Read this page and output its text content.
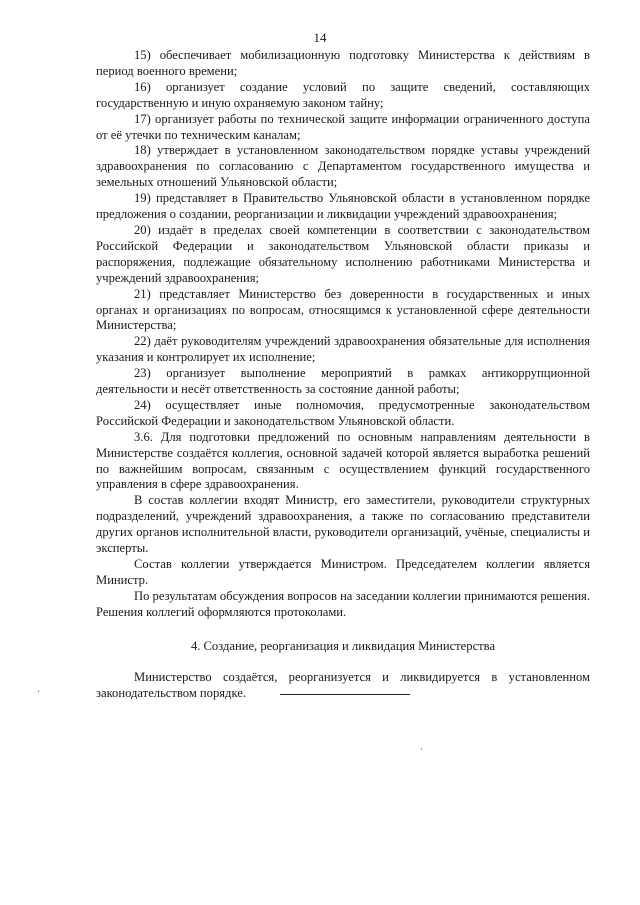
14

15) обеспечивает мобилизационную подготовку Министерства к действиям в период военного времени;

16) организует создание условий по защите сведений, составляющих государственную и иную охраняемую законом тайну;

17) организует работы по технической защите информации ограниченного доступа от её утечки по техническим каналам;

18) утверждает в установленном законодательством порядке уставы учреждений здравоохранения по согласованию с Департаментом государственного имущества и земельных отношений Ульяновской области;

19) представляет в Правительство Ульяновской области в установленном порядке предложения о создании, реорганизации и ликвидации учреждений здравоохранения;

20) издаёт в пределах своей компетенции в соответствии с законодательством Российской Федерации и законодательством Ульяновской области приказы и распоряжения, подлежащие обязательному исполнению работниками Министерства и учреждений здравоохранения;

21) представляет Министерство без доверенности в государственных и иных органах и организациях по вопросам, относящимся к установленной сфере деятельности Министерства;

22) даёт руководителям учреждений здравоохранения обязательные для исполнения указания и контролирует их исполнение;

23) организует выполнение мероприятий в рамках антикоррупционной деятельности и несёт ответственность за состояние данной работы;

24) осуществляет иные полномочия, предусмотренные законодательством Российской Федерации и законодательством Ульяновской области.

3.6. Для подготовки предложений по основным направлениям деятельности в Министерстве создаётся коллегия, основной задачей которой является выработка решений по важнейшим вопросам, связанным с осуществлением функций государственного управления в сфере здравоохранения.

В состав коллегии входят Министр, его заместители, руководители структурных подразделений, учреждений здравоохранения, а также по согласованию представители других органов исполнительной власти, руководители организаций, учёные, специалисты и эксперты.

Состав коллегии утверждается Министром. Председателем коллегии является Министр.

По результатам обсуждения вопросов на заседании коллегии принимаются решения. Решения коллегий оформляются протоколами.

4. Создание, реорганизация и ликвидация Министерства

Министерство создаётся, реорганизуется и ликвидируется в установленном законодательством порядке.
